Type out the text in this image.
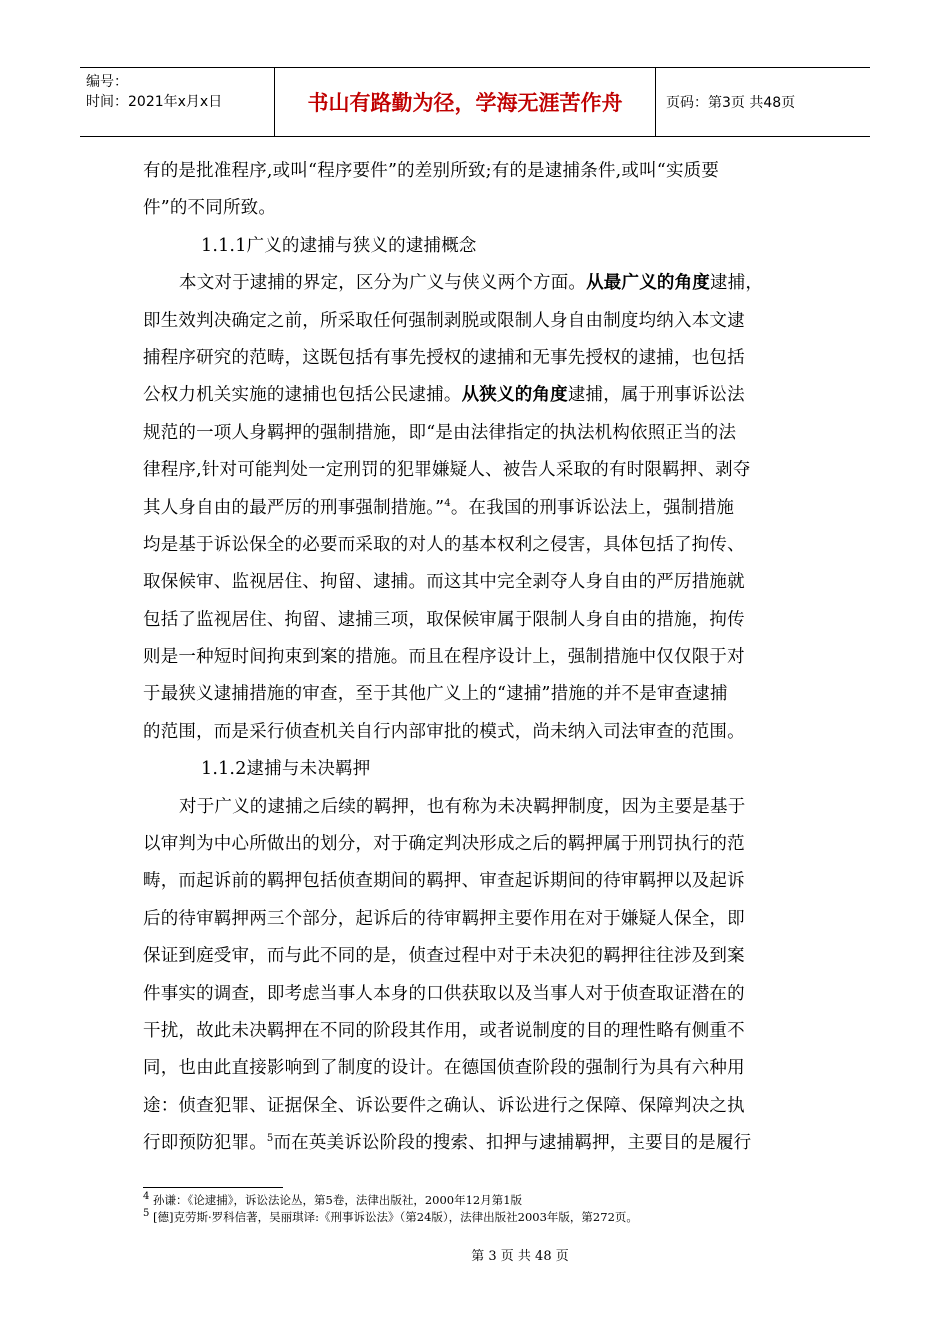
编号：
时间：2021年x月x日	书山有路勤为径，学海无涯苦作舟	页码：第3页 共48页
有的是批准程序,或叫“程序要件”的差别所致;有的是逮捕条件,或叫“实质要
件”的不同所致。
1.1.1广义的逮捕与狭义的逮捕概念
本文对于逮捕的界定，区分为广义与侠义两个方面。从最广义的角度逮捕，
即生效判决确定之前，所采取任何强制剥脱或限制人身自由制度均纳入本文逮
捕程序研究的范畴，这既包括有事先授权的逮捕和无事先授权的逮捕，也包括
公权力机关实施的逮捕也包括公民逮捕。从狭义的角度逮捕，属于刑事诉讼法
规范的一项人身羁押的强制措施，即“是由法律指定的执法机构依照正当的法
律程序,针对可能判处一定刑罚的犯罪嫌疑人、被告人采取的有时限羁押、剥夺
其人身自由的最严厉的刑事强制措施。”$^4$。在我国的刑事诉讼法上，强制措施
均是基于诉讼保全的必要而采取的对人的基本权利之侵害，具体包括了拘传、
取保候审、监视居住、拘留、逮捕。而这其中完全剥夺人身自由的严厉措施就
包括了监视居住、拘留、逮捕三项，取保候审属于限制人身自由的措施，拘传
则是一种短时间拘束到案的措施。而且在程序设计上，强制措施中仅仅限于对
于最狭义逮捕措施的审查，至于其他广义上的“逮捕”措施的并不是审查逮捕
的范围，而是采行侦查机关自行内部审批的模式，尚未纳入司法审查的范围。
1.1.2逮捕与未决羁押
对于广义的逮捕之后续的羁押，也有称为未决羁押制度，因为主要是基于
以审判为中心所做出的划分，对于确定判决形成之后的羁押属于刑罚执行的范
畴，而起诉前的羁押包括侦查期间的羁押、审查起诉期间的待审羁押以及起诉
后的待审羁押两三个部分，起诉后的待审羁押主要作用在对于嫌疑人保全，即
保证到庭受审，而与此不同的是，侦查过程中对于未决犯的羁押往往涉及到案
件事实的调查，即考虑当事人本身的口供获取以及当事人对于侦查取证潜在的
干扰，故此未决羁押在不同的阶段其作用，或者说制度的目的理性略有侧重不
同，也由此直接影响到了制度的设计。在德国侦查阶段的强制行为具有六种用
途：侦查犯罪、证据保全、诉讼要件之确认、诉讼进行之保障、保障判决之执
行即预防犯罪。$^5$而在英美诉讼阶段的搜索、扣押与逮捕羁押，主要目的是履行
$^4$ 孙谦：《论逮捕》，诉讼法论丛，第5卷，法律出版社，2000年12月第1版
$^5$ [德]克劳斯·罗科信著，吴丽琪译:《刑事诉讼法》（第24版），法律出版社2003年版，第272页。
第 3 页 共 48 页
